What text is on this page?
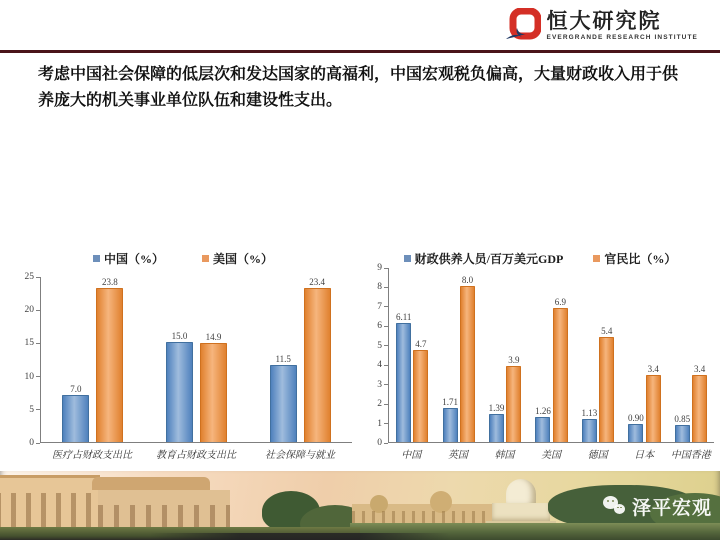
恒大研究院
EVERGRANDE RESEARCH INSTITUTE
考虑中国社会保障的低层次和发达国家的高福利，中国宏观税负偏高，大量财政收入用于供养庞大的机关事业单位队伍和建设性支出。
中国（%）	美国（%）
0
5
10
15
20
25
7.0
23.8
15.0 14.9
11.5
23.4
医疗占财政支出比	教育占财政支出比	社会保障与就业
财政供养人员/百万美元GDP	官民比（%）
0
1
2
3
4
5
6
7
8
9
6.11
4.7
1.71
8.0
1.39
3.9
1.26
6.9
1.13
5.4
0.90
3.4
0.85
3.4
中国	英国	韩国	美国	德国	日本	中国香港
泽平宏观
